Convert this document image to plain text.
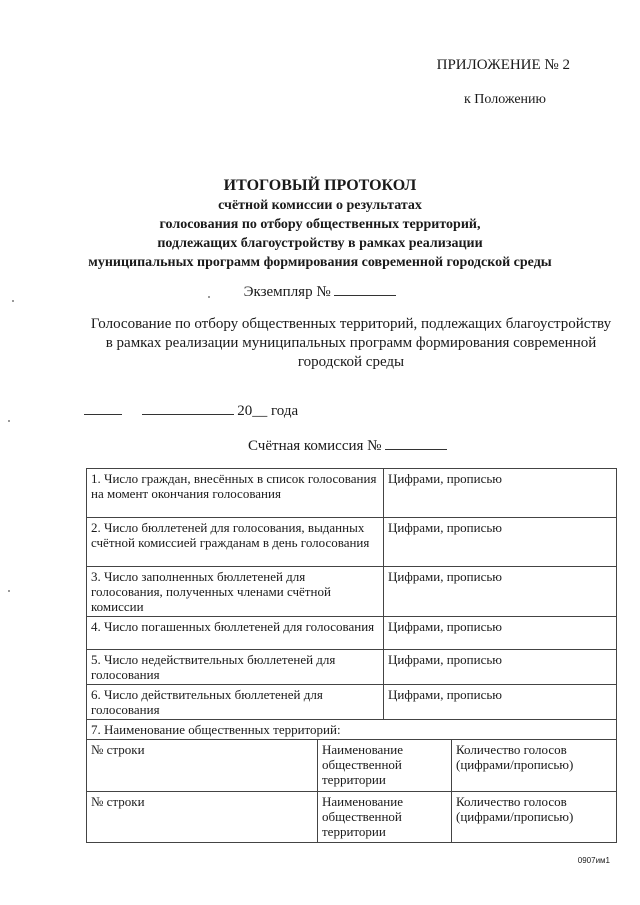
ПРИЛОЖЕНИЕ № 2
к Положению
ИТОГОВЫЙ ПРОТОКОЛ
счётной комиссии о результатах
голосования по отбору общественных территорий,
подлежащих благоустройству в рамках реализации
муниципальных программ формирования современной городской среды
Экземпляр №
Голосование по отбору общественных территорий, подлежащих благоустройству в рамках реализации муниципальных программ формирования современной городской среды
20__ года
Счётная комиссия №
1. Число граждан, внесённых в список голосования на момент окончания голосования	Цифрами, прописью
2. Число бюллетеней для голосования, выданных счётной комиссией гражданам в день голосования	Цифрами, прописью
3. Число заполненных бюллетеней для голосования, полученных членами счётной комиссии	Цифрами, прописью
4. Число погашенных бюллетеней для голосования	Цифрами, прописью
5. Число недействительных бюллетеней для голосования	Цифрами, прописью
6. Число действительных бюллетеней для голосования	Цифрами, прописью
7. Наименование общественных территорий:

№ строки	Наименование общественной территории	Количество голосов (цифрами/прописью)
№ строки	Наименование общественной территории	Количество голосов (цифрами/прописью)
0907им1
